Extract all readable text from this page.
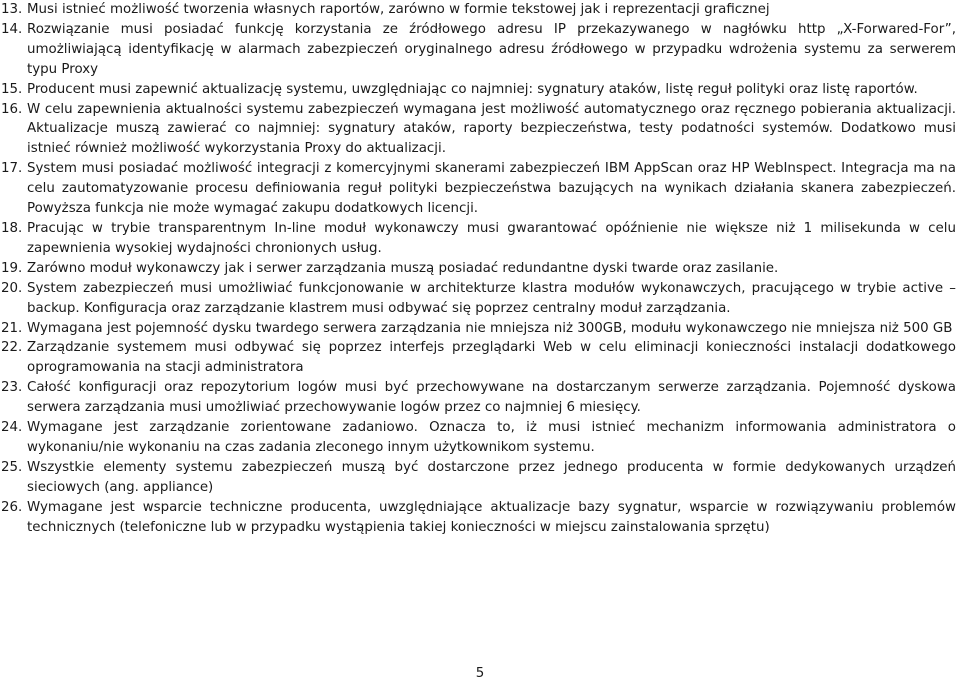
13. Musi istnieć możliwość tworzenia własnych raportów, zarówno w formie tekstowej jak i reprezentacji graficznej
14. Rozwiązanie musi posiadać funkcję korzystania ze źródłowego adresu IP przekazywanego w nagłówku http „X-Forwared-For”, umożliwiającą identyfikację w alarmach zabezpieczeń oryginalnego adresu źródłowego w przypadku wdrożenia systemu za serwerem typu Proxy
15. Producent musi zapewnić aktualizację systemu, uwzględniając co najmniej: sygnatury ataków, listę reguł polityki oraz listę raportów.
16. W celu zapewnienia aktualności systemu zabezpieczeń wymagana jest możliwość automatycznego oraz ręcznego pobierania aktualizacji. Aktualizacje muszą zawierać co najmniej: sygnatury ataków, raporty bezpieczeństwa, testy podatności systemów. Dodatkowo musi istnieć również możliwość wykorzystania Proxy do aktualizacji.
17. System musi posiadać możliwość integracji z komercyjnymi skanerami zabezpieczeń IBM AppScan oraz HP WebInspect. Integracja ma na celu zautomatyzowanie procesu definiowania reguł polityki bezpieczeństwa bazujących na wynikach działania skanera zabezpieczeń. Powyższa funkcja nie może wymagać zakupu dodatkowych licencji.
18. Pracując w trybie transparentnym In-line moduł wykonawczy musi gwarantować opóźnienie nie większe niż 1 milisekunda w celu zapewnienia wysokiej wydajności chronionych usług.
19. Zarówno moduł wykonawczy jak i serwer zarządzania muszą posiadać redundantne dyski twarde oraz zasilanie.
20. System zabezpieczeń musi umożliwiać funkcjonowanie w architekturze klastra modułów wykonawczych, pracującego w trybie active – backup. Konfiguracja oraz zarządzanie klastrem musi odbywać się poprzez centralny moduł zarządzania.
21. Wymagana jest pojemność dysku twardego serwera zarządzania nie mniejsza niż 300GB, modułu wykonawczego nie mniejsza niż 500 GB
22. Zarządzanie systemem musi odbywać się poprzez interfejs przeglądarki Web w celu eliminacji konieczności instalacji dodatkowego oprogramowania na stacji administratora
23. Całość konfiguracji oraz repozytorium logów musi być przechowywane na dostarczanym serwerze zarządzania. Pojemność dyskowa serwera zarządzania musi umożliwiać przechowywanie logów przez co najmniej 6 miesięcy.
24. Wymagane jest zarządzanie zorientowane zadaniowo. Oznacza to, iż musi istnieć mechanizm informowania administratora o wykonaniu/nie wykonaniu na czas zadania zleconego innym użytkownikom systemu.
25. Wszystkie elementy systemu zabezpieczeń muszą być dostarczone przez jednego producenta w formie dedykowanych urządzeń sieciowych (ang. appliance)
26. Wymagane jest wsparcie techniczne producenta, uwzględniające aktualizacje bazy sygnatur, wsparcie w rozwiązywaniu problemów technicznych (telefoniczne lub w przypadku wystąpienia takiej konieczności w miejscu zainstalowania sprzętu)
5
